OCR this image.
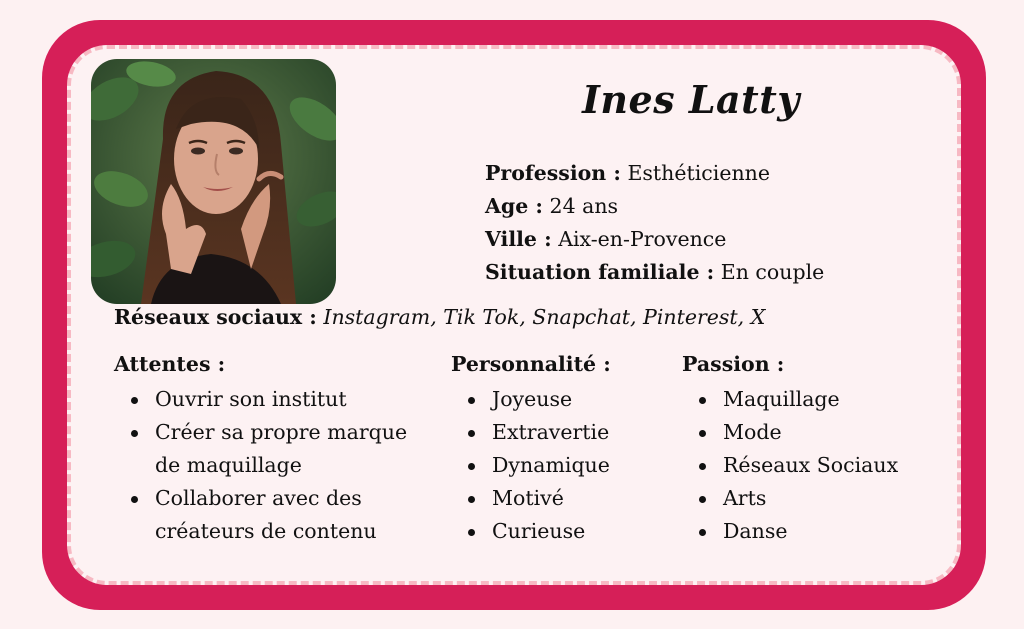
Ines Latty
Profession : Esthéticienne
Age : 24 ans
Ville : Aix-en-Provence
Situation familiale : En couple
Réseaux sociaux : Instagram, Tik Tok, Snapchat, Pinterest, X
Attentes :
Ouvrir son institut
Créer sa propre marque de maquillage
Collaborer avec des créateurs de contenu
Personnalité :
Joyeuse
Extravertie
Dynamique
Motivé
Curieuse
Passion :
Maquillage
Mode
Réseaux Sociaux
Arts
Danse
